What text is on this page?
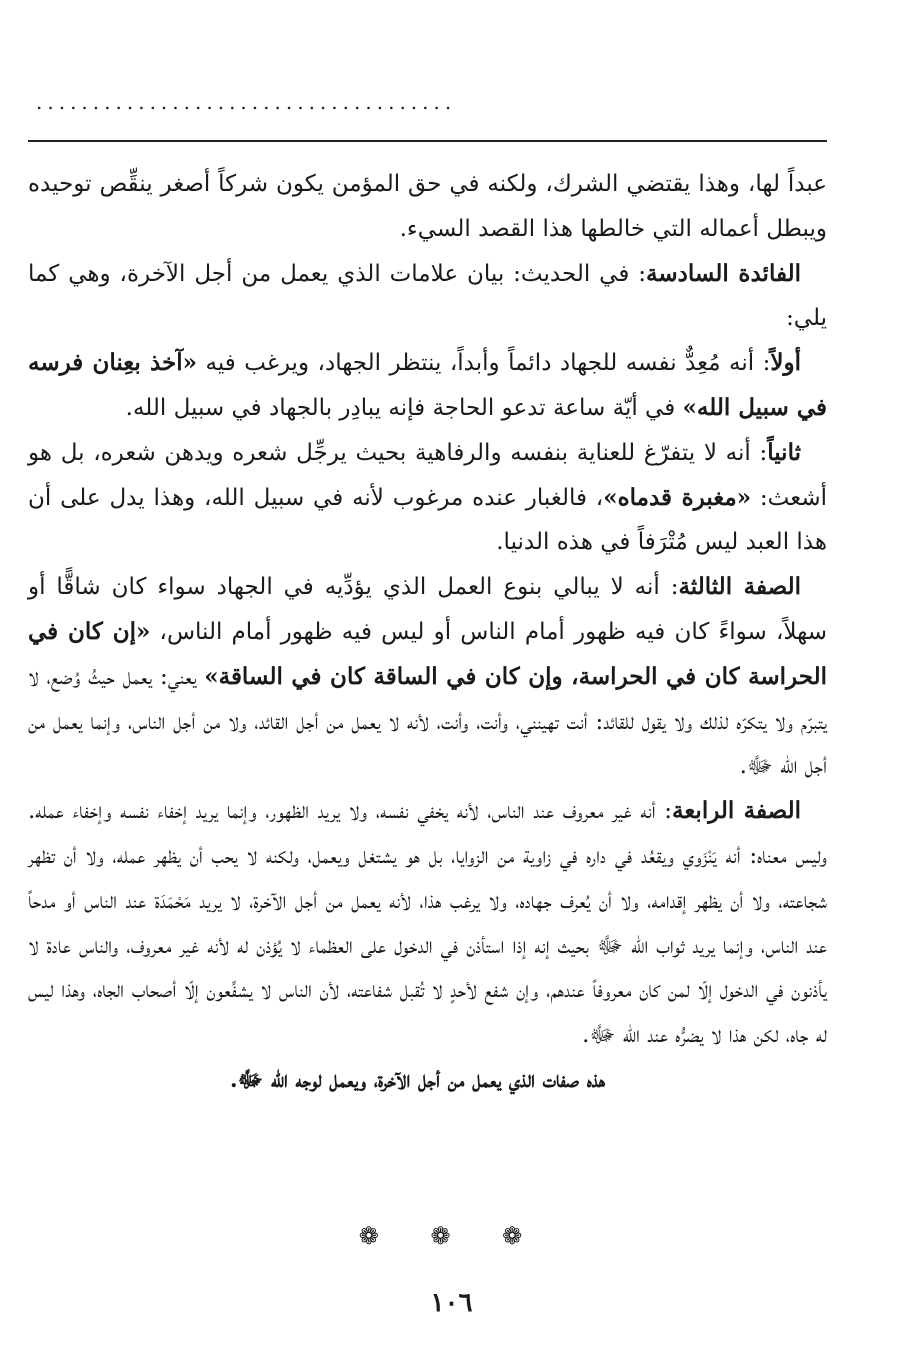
.....................................

عبداً لها، وهذا يقتضي الشرك، ولكنه في حق المؤمن يكون شركاً أصغر ينقِّص توحيده ويبطل أعماله التي خالطها هذا القصد السيء.

الفائدة السادسة: في الحديث: بيان علامات الذي يعمل من أجل الآخرة، وهي كما يلي:

أولاً: أنه مُعِدٌّ نفسه للجهاد دائماً وأبداً، ينتظر الجهاد، ويرغب فيه «آخذ بعِنان فرسه في سبيل الله» في أيّة ساعة تدعو الحاجة فإنه يبادِر بالجهاد في سبيل الله.

ثانياً: أنه لا يتفرّغ للعناية بنفسه والرفاهية بحيث يرجِّل شعره ويدهن شعره، بل هو أشعث: «مغبرة قدماه»، فالغبار عنده مرغوب لأنه في سبيل الله، وهذا يدل على أن هذا العبد ليس مُتْرَفاً في هذه الدنيا.

الصفة الثالثة: أنه لا يبالي بنوع العمل الذي يؤدِّيه في الجهاد سواء كان شاقًّا أو سهلاً، سواءً كان فيه ظهور أمام الناس أو ليس فيه ظهور أمام الناس، «إن كان في الحراسة كان في الحراسة، وإن كان في الساقة كان في الساقة» يعني: يعمل حيثُ وُضع، لا يتبرّم ولا يتكرّه لذلك ولا يقول للقائد: أنت تهينني، وأنت، وأنت، لأنه لا يعمل من أجل القائد، ولا من أجل الناس، وإنما يعمل من أجل الله ﷻ.

الصفة الرابعة: أنه غير معروف عند الناس، لأنه يخفي نفسه، ولا يريد الظهور، وإنما يريد إخفاء نفسه وإخفاء عمله. وليس معناه: أنه يَنْزَوي ويقعُد في داره في زاوية من الزوايا، بل هو يشتغل ويعمل، ولكنه لا يحب أن يظهر عمله، ولا أن تظهر شجاعته، ولا أن يظهر إقدامه، ولا أن يُعرف جهاده، ولا يرغب هذا، لأنه يعمل من أجل الآخرة، لا يريد مَحْمَدَة عند الناس أو مدحاً عند الناس، وإنما يريد ثواب الله ﷻ بحيث إنه إذا استأذن في الدخول على العظماء لا يُؤذن له لأنه غير معروف، والناس عادة لا يأذنون في الدخول إلّا لمن كان معروفاً عندهم، وإن شفع لأحدٍ لا تُقبل شفاعته، لأن الناس لا يشفِّعون إلّا أصحاب الجاه، وهذا ليس له جاه، لكن هذا لا يضرُّه عند الله ﷻ.

هذه صفات الذي يعمل من أجل الآخرة، ويعمل لوجه الله ﷻ.

❁ ❁ ❁
١٠٦
